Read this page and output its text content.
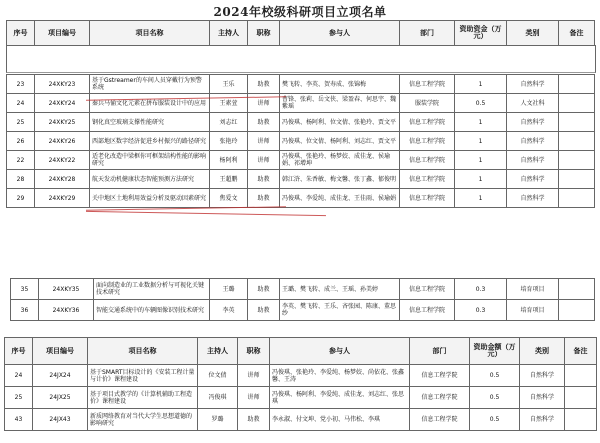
2024年校级科研项目立项名单
序号	项目编号	项目名称	主持人	职称	参与人	部门	资助资金（万元）	类别	备注
23	24XKY23	基于Gstreamer的车间人员穿戴行为预警系统	王乐	助教	樊飞转、李英、贺寿成、张锦梅	信息工程学院	1	自然科学	
24	24XKY24	秦兵马俑文化元素在拼布服装设计中的应用	王素萱	讲师	曹锋、张莉、岳文侠、梁盈春、何思宇、魏紫瑶	服装学院	0.5	人文社科	
25	24XKY25	钢化真空玻璃支撑性能研究	刘志红	助教	冯俊琪、杨阿利、位文倩、张艳玲、贾文平	信息工程学院	1	自然科学	
26	24XKY26	西部地区数字经济促进乡村振兴的路径研究	张艳玲	讲师	冯俊琪、位文倩、杨阿利、刘志红、贾文平	信息工程学院	1	自然科学	
22	24XKY22	适老化改造中梁框你可框架结构性能的影响研究	杨阿利	讲师	冯俊琪、张艳玲、杨梦姣、成佳龙、侯瑜娟、祁增坤	信息工程学院	1	自然科学	
28	24XKY28	航天发动机健康状态智能预测方法研究	王超鹏	助教	韩江浒、朱香敏、梅文馨、张丁鑫、郁俊明	信息工程学院	1	自然科学	
29	24XKY29	关中地区土地利用效益分析及驱动因素研究	焦爱文	助教	冯俊琪、李爱纯、成佳龙、王佳雨、侯瑜娟	信息工程学院	1	自然科学	
35	24XKY35	面向制造业的工业数据分析与可视化关键技术研究	王璐	助教	王璐、樊飞转、成兰、王瑶、孙美婷	信息工程学院	0.3	培育项目	
36	24XKY36	智能交通系统中的车辆图像识别技术研究	李英	助教	李英、樊飞转、王乐、吝张园、陈康、董思纱	信息工程学院	0.3	培育项目	
序号	项目编号	项目名称	主持人	职称	参与人	部门	资助金额（万元）	类别	备注
24	24JX24	基于SMART目标设计的《安装工程计量与计价》课程建设	位文倩	讲师	冯俊琪、张艳玲、李爱纯、杨梦姣、尚依花、张鑫馨、王涛	信息工程学院	0.5	自然科学	
25	24JX25	基于项目式教学的《计算机辅助工程造价》课程建设	冯俊琪	讲师	冯俊琪、杨阿利、李爱纯、成佳龙、刘志红、张思琪	信息工程学院	0.5	自然科学	
43	24JX43	新质网络教育对当代大学生思想道德的影响研究	罗璐	助教	李永淑、付文坤、党小初、马伟松、李琪	信息工程学院	0.5	自然科学	
